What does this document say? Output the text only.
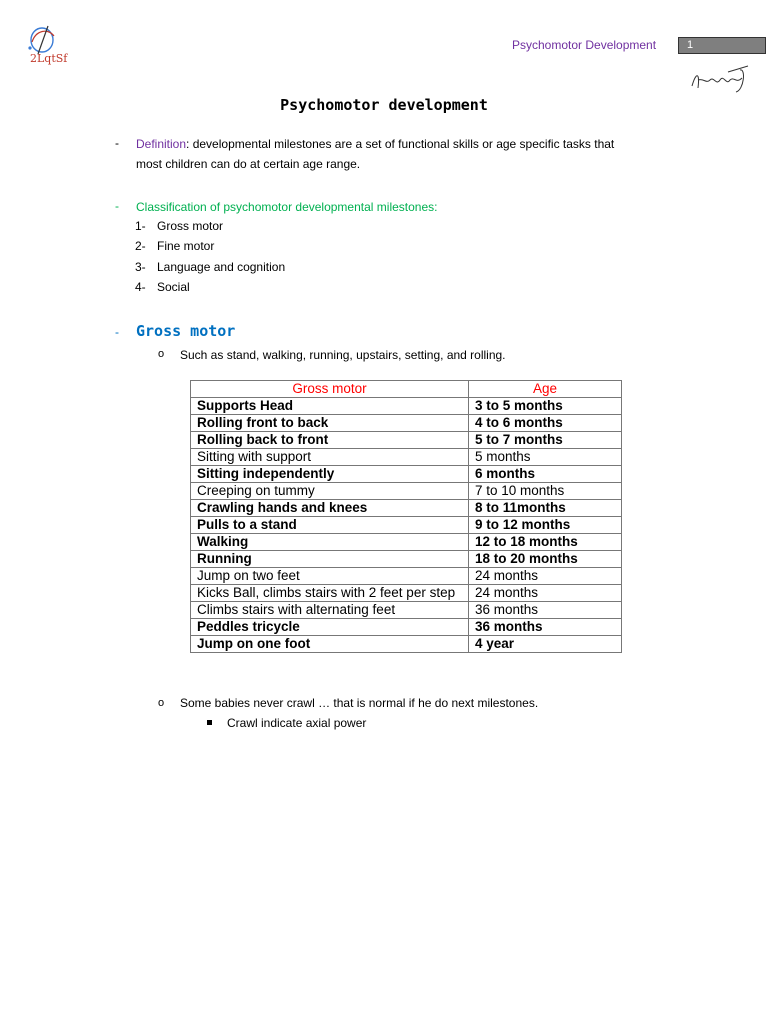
2LqtSf
Psychomotor Development	1
Psychomotor development
- Definition: developmental milestones are a set of functional skills or age specific tasks that
most children can do at certain age range.
- Classification of psychomotor developmental milestones:
1- Gross motor
2- Fine motor
3- Language and cognition
4- Social
- Gross motor
o Such as stand, walking, running, upstairs, setting, and rolling.
Gross motor	Age
Supports Head	3 to 5 months
Rolling front to back	4 to 6 months
Rolling back to front	5 to 7 months
Sitting with support	5 months
Sitting independently	6 months
Creeping on tummy	7 to 10 months
Crawling hands and knees	8 to 11months
Pulls to a stand	9 to 12 months
Walking	12 to 18 months
Running	18 to 20 months
Jump on two feet	24 months
Kicks Ball, climbs stairs with 2 feet per step	24 months
Climbs stairs with alternating feet	36 months
Peddles tricycle	36 months
Jump on one foot	4 year
o Some babies never crawl … that is normal if he do next milestones.
Crawl indicate axial power
